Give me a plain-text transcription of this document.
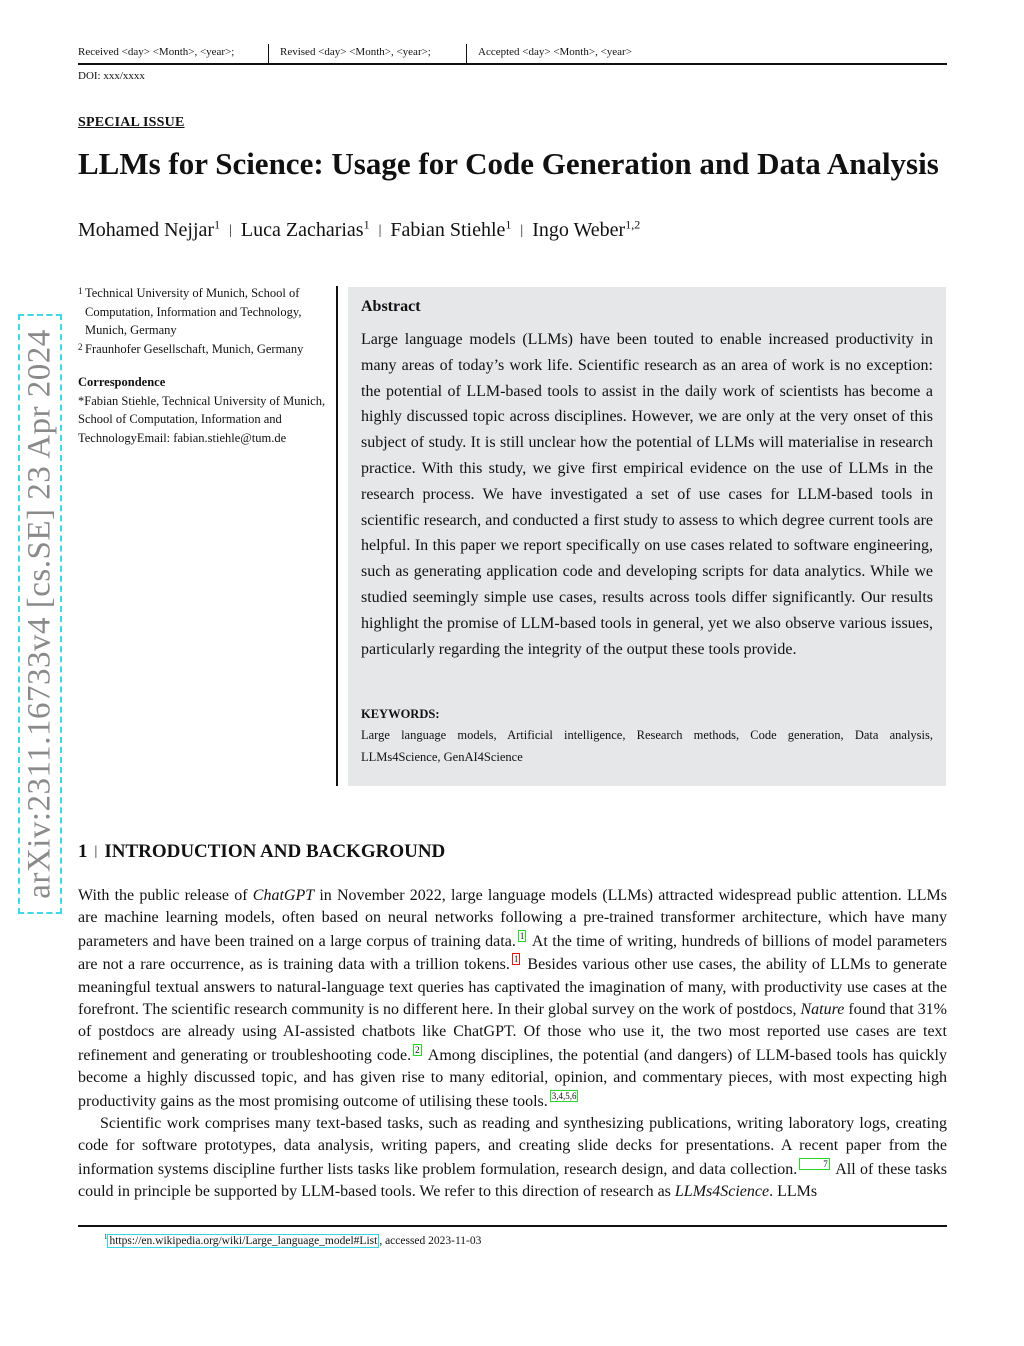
Received <day> <Month>, <year>;	Revised <day> <Month>, <year>;	Accepted <day> <Month>, <year>
DOI: xxx/xxxx
SPECIAL ISSUE
LLMs for Science: Usage for Code Generation and Data Analysis
Mohamed Nejjar$^1$ | Luca Zacharias$^1$ | Fabian Stiehle$^1$ | Ingo Weber$^{1,2}$
1 Technical University of Munich, School of Computation, Information and Technology, Munich, Germany
2 Fraunhofer Gesellschaft, Munich, Germany
Correspondence
*Fabian Stiehle, Technical University of Munich, School of Computation, Information and TechnologyEmail: fabian.stiehle@tum.de
Abstract
Large language models (LLMs) have been touted to enable increased productivity in many areas of today’s work life. Scientific research as an area of work is no exception: the potential of LLM-based tools to assist in the daily work of scientists has become a highly discussed topic across disciplines. However, we are only at the very onset of this subject of study. It is still unclear how the potential of LLMs will materialise in research practice. With this study, we give first empirical evidence on the use of LLMs in the research process. We have investigated a set of use cases for LLM-based tools in scientific research, and conducted a first study to assess to which degree current tools are helpful. In this paper we report specifically on use cases related to software engineering, such as generating application code and developing scripts for data analytics. While we studied seemingly simple use cases, results across tools differ significantly. Our results highlight the promise of LLM-based tools in general, yet we also observe various issues, particularly regarding the integrity of the output these tools provide.
KEYWORDS:
Large language models, Artificial intelligence, Research methods, Code generation, Data analysis, LLMs4Science, GenAI4Science
1 | INTRODUCTION AND BACKGROUND

With the public release of ChatGPT in November 2022, large language models (LLMs) attracted widespread public attention. LLMs are machine learning models, often based on neural networks following a pre-trained transformer architecture, which have many parameters and have been trained on a large corpus of training data. 1 At the time of writing, hundreds of billions of model parameters are not a rare occurrence, as is training data with a trillion tokens. 1 Besides various other use cases, the ability of LLMs to generate meaningful textual answers to natural-language text queries has captivated the imagination of many, with productivity use cases at the forefront. The scientific research community is no different here. In their global survey on the work of postdocs, Nature found that 31% of postdocs are already using AI-assisted chatbots like ChatGPT. Of those who use it, the two most reported use cases are text refinement and generating or troubleshooting code. 2 Among disciplines, the potential (and dangers) of LLM-based tools has quickly become a highly discussed topic, and has given rise to many editorial, opinion, and commentary pieces, with most expecting high productivity gains as the most promising outcome of utilising these tools. 3,4,5,6

Scientific work comprises many text-based tasks, such as reading and synthesizing publications, writing laboratory logs, creating code for software prototypes, data analysis, writing papers, and creating slide decks for presentations. A recent paper from the information systems discipline further lists tasks like problem formulation, research design, and data collection.	7 All of these tasks could in principle be supported by LLM-based tools. We refer to this direction of research as LLMs4Science. LLMs

$^1$ https://en.wikipedia.org/wiki/Large_language_model#List , accessed 2023-11-03
arXiv:2311.16733v4 [cs.SE] 23 Apr 2024
